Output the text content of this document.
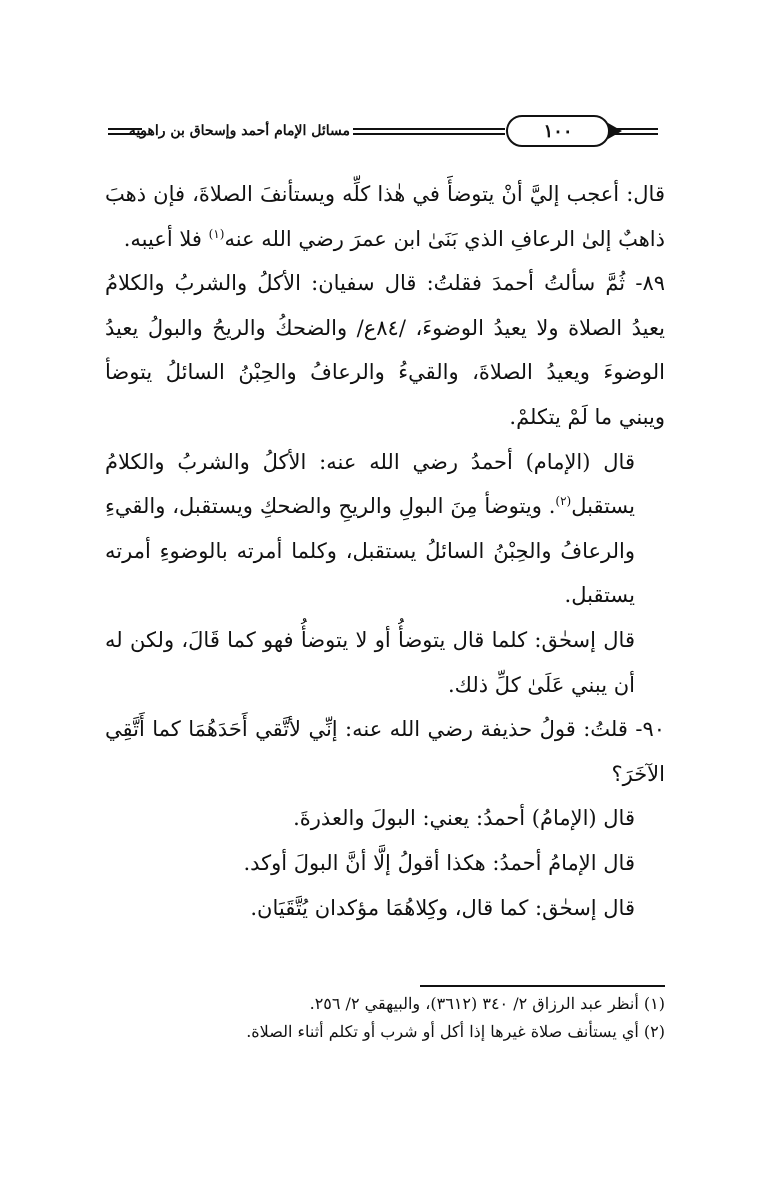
مسائل الإمام أحمد وإسحاق بن راهويه	١٠٠

قال: أعجب إليَّ أنْ يتوضأَ في هٰذا كلِّه ويستأنفَ الصلاةَ، فإن ذهبَ ذاهبٌ إلىٰ الرعافِ الذي بَنَىٰ ابن عمرَ رضي الله عنه$^{(١)}$ فلا أعيبه.

٨٩- ثُمَّ سألتُ أحمدَ فقلتُ: قال سفيان: الأكلُ والشربُ والكلامُ يعيدُ الصلاة ولا يعيدُ الوضوءَ، /٨٤ع/ والضحكُ والريحُ والبولُ يعيدُ الوضوءَ ويعيدُ الصلاةَ، والقيءُ والرعافُ والحِبْنُ السائلُ يتوضأ ويبني ما لَمْ يتكلمْ.

قال (الإمام) أحمدُ رضي الله عنه: الأكلُ والشربُ والكلامُ يستقبل$^{(٢)}$. ويتوضأ مِنَ البولِ والريحِ والضحكِ ويستقبل، والقيءِ والرعافُ والحِبْنُ السائلُ يستقبل، وكلما أمرته بالوضوءِ أمرته يستقبل.

قال إسحٰق: كلما قال يتوضأُ أو لا يتوضأُ فهو كما قَالَ، ولكن له أن يبني عَلَىٰ كلِّ ذلك.

٩٠- قلتُ: قولُ حذيفة رضي الله عنه: إنِّي لأتَّقي أَحَدَهُمَا كما أَتَّقِي الآخَرَ؟

قال (الإمامُ) أحمدُ: يعني: البولَ والعذرةَ.

قال الإمامُ أحمدُ: هكذا أقولُ إلَّا أنَّ البولَ أوكد.

قال إسحٰق: كما قال، وكِلاهُمَا مؤكدان يُتَّقَيَان.

(١) أنظر عبد الرزاق ٢/ ٣٤٠ (٣٦١٢)، والبيهقي ٢/ ٢٥٦.

(٢) أي يستأنف صلاة غيرها إذا أكل أو شرب أو تكلم أثناء الصلاة.
